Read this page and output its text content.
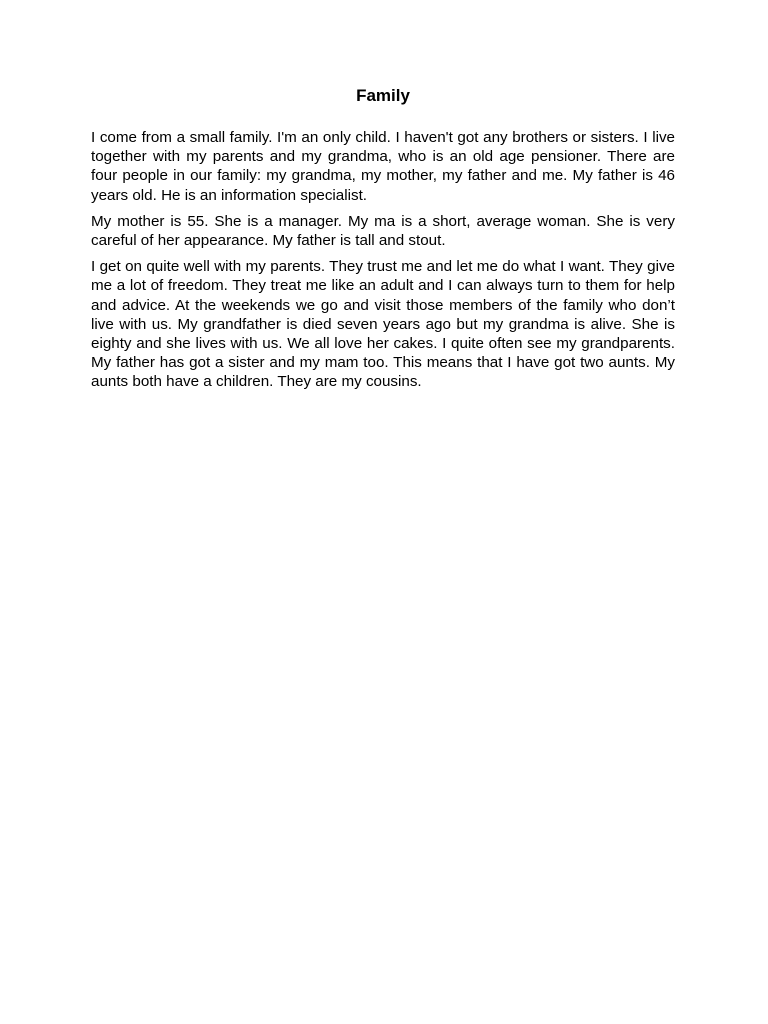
Family

I come from a small family. I'm an only child. I haven't got any brothers or sisters. I live together with my parents and my grandma, who is an old age pensioner. There are four people in our family: my grandma, my mother, my father and me. My father is 46 years old. He is an information specialist.

My mother is 55. She is a manager. My ma is a short, average woman. She is very careful of her appearance. My father is tall and stout.

I get on quite well with my parents. They trust me and let me do what I want. They give me a lot of freedom. They treat me like an adult and I can always turn to them for help and advice. At the weekends we go and visit those members of the family who don’t live with us. My grandfather is died seven years ago but my grandma is alive. She is eighty and she lives with us. We all love her cakes. I quite often see my grandparents. My father has got a sister and my mam too. This means that I have got two aunts. My aunts both have a children. They are my cousins.
